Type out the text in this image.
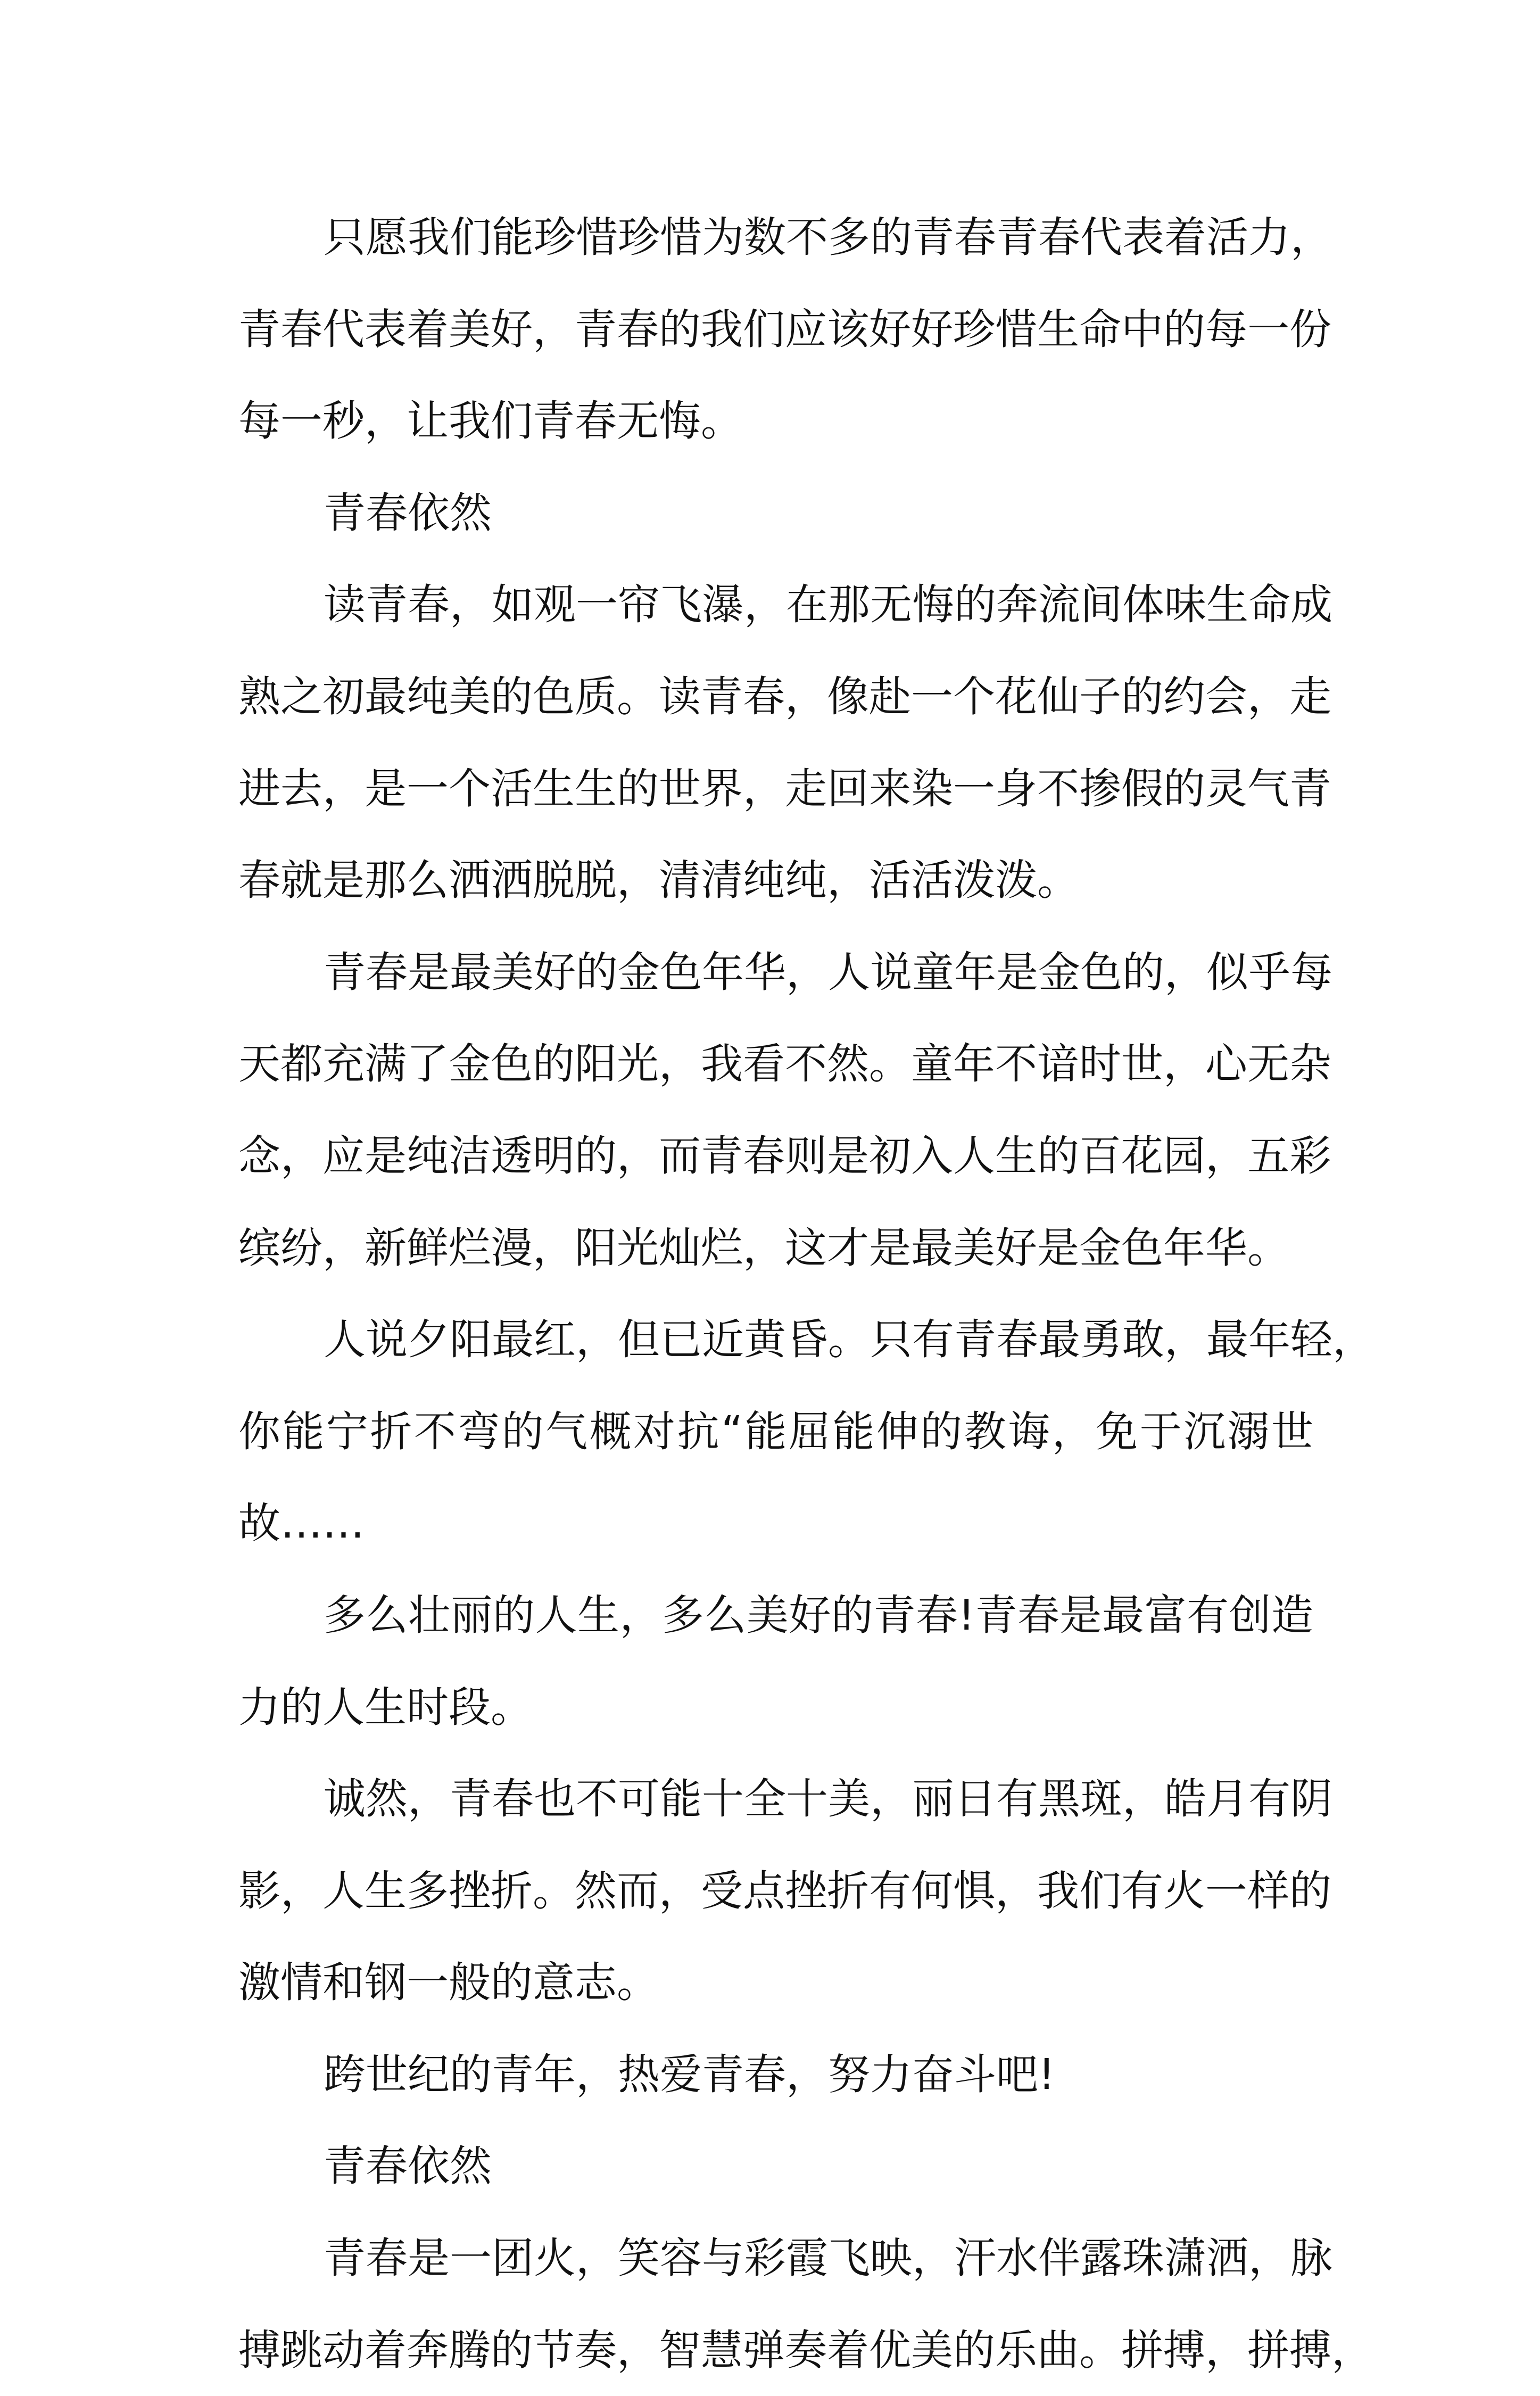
只愿我们能珍惜珍惜为数不多的青春青春代表着活力，
青春代表着美好，青春的我们应该好好珍惜生命中的每一份
每一秒，让我们青春无悔。
青春依然
读青春，如观一帘飞瀑，在那无悔的奔流间体味生命成
熟之初最纯美的色质。读青春，像赴一个花仙子的约会，走
进去，是一个活生生的世界，走回来染一身不掺假的灵气青
春就是那么洒洒脱脱，清清纯纯，活活泼泼。
青春是最美好的金色年华，人说童年是金色的，似乎每
天都充满了金色的阳光，我看不然。童年不谙时世，心无杂
念，应是纯洁透明的，而青春则是初入人生的百花园，五彩
缤纷，新鲜烂漫，阳光灿烂，这才是最美好是金色年华。
人说夕阳最红，但已近黄昏。只有青春最勇敢，最年轻，
你能宁折不弯的气概对抗“能屈能伸的教诲，免于沉溺世
故……
多么壮丽的人生，多么美好的青春!青春是最富有创造
力的人生时段。
诚然，青春也不可能十全十美，丽日有黑斑，皓月有阴
影，人生多挫折。然而，受点挫折有何惧，我们有火一样的
激情和钢一般的意志。
跨世纪的青年，热爱青春，努力奋斗吧!
青春依然
青春是一团火，笑容与彩霞飞映，汗水伴露珠潇洒，脉
搏跳动着奔腾的节奏，智慧弹奏着优美的乐曲。拼搏，拼搏，
